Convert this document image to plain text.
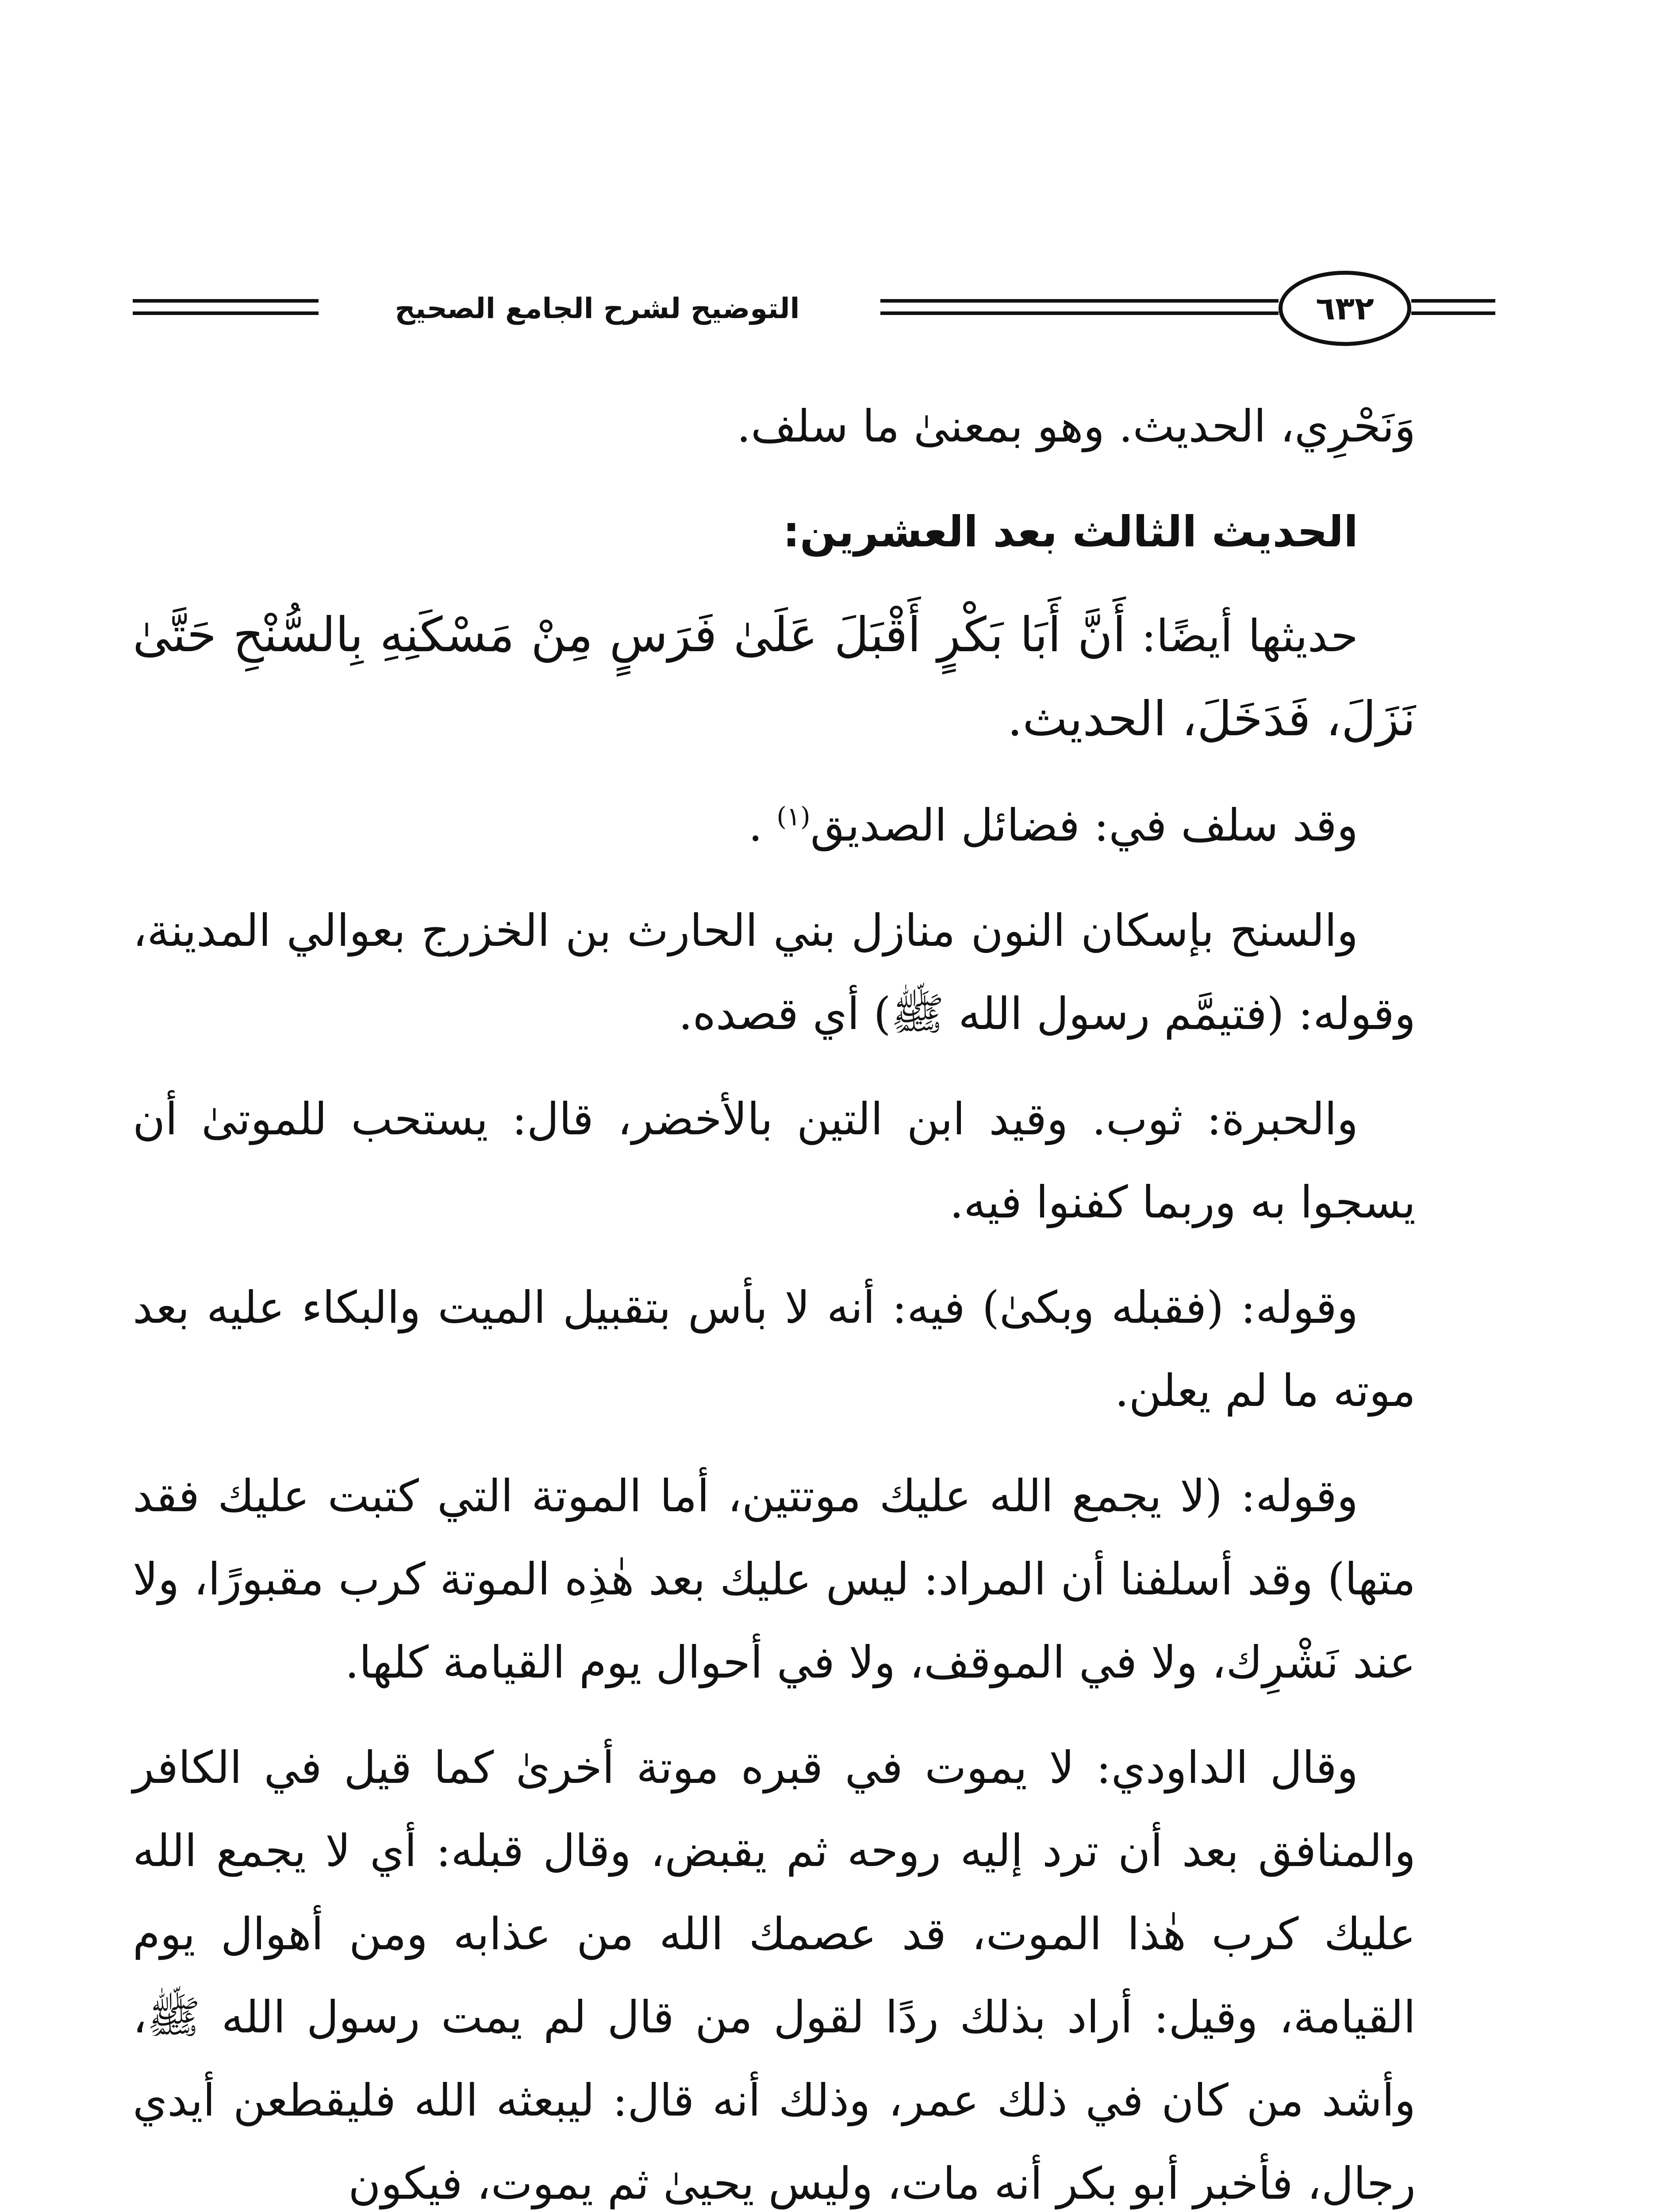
التوضيح لشرح الجامع الصحيح	٦٣٢

وَنَحْرِي، الحديث. وهو بمعنىٰ ما سلف.

الحديث الثالث بعد العشرين:

حديثها أيضًا: أَنَّ أَبَا بَكْرٍ أَقْبَلَ عَلَىٰ فَرَسٍ مِنْ مَسْكَنِهِ بِالسُّنْحِ حَتَّىٰ نَزَلَ، فَدَخَلَ، الحديث.

وقد سلف في: فضائل الصديق$^{(١)}$ .

والسنح بإسكان النون منازل بني الحارث بن الخزرج بعوالي المدينة، وقوله: (فتيمَّم رسول الله ﷺ) أي قصده.

والحبرة: ثوب. وقيد ابن التين بالأخضر، قال: يستحب للموتىٰ أن يسجوا به وربما كفنوا فيه.

وقوله: (فقبله وبكىٰ) فيه: أنه لا بأس بتقبيل الميت والبكاء عليه بعد موته ما لم يعلن.

وقوله: (لا يجمع الله عليك موتتين، أما الموتة التي كتبت عليك فقد متها) وقد أسلفنا أن المراد: ليس عليك بعد هٰذِه الموتة كرب مقبورًا، ولا عند نَشْرِك، ولا في الموقف، ولا في أحوال يوم القيامة كلها.

وقال الداودي: لا يموت في قبره موتة أخرىٰ كما قيل في الكافر والمنافق بعد أن ترد إليه روحه ثم يقبض، وقال قبله: أي لا يجمع الله عليك كرب هٰذا الموت، قد عصمك الله من عذابه ومن أهوال يوم القيامة، وقيل: أراد بذلك ردًا لقول من قال لم يمت رسول الله ﷺ، وأشد من كان في ذلك عمر، وذلك أنه قال: ليبعثه الله فليقطعن أيدي رجال، فأخبر أبو بكر أنه مات، وليس يحيىٰ ثم يموت، فيكون
